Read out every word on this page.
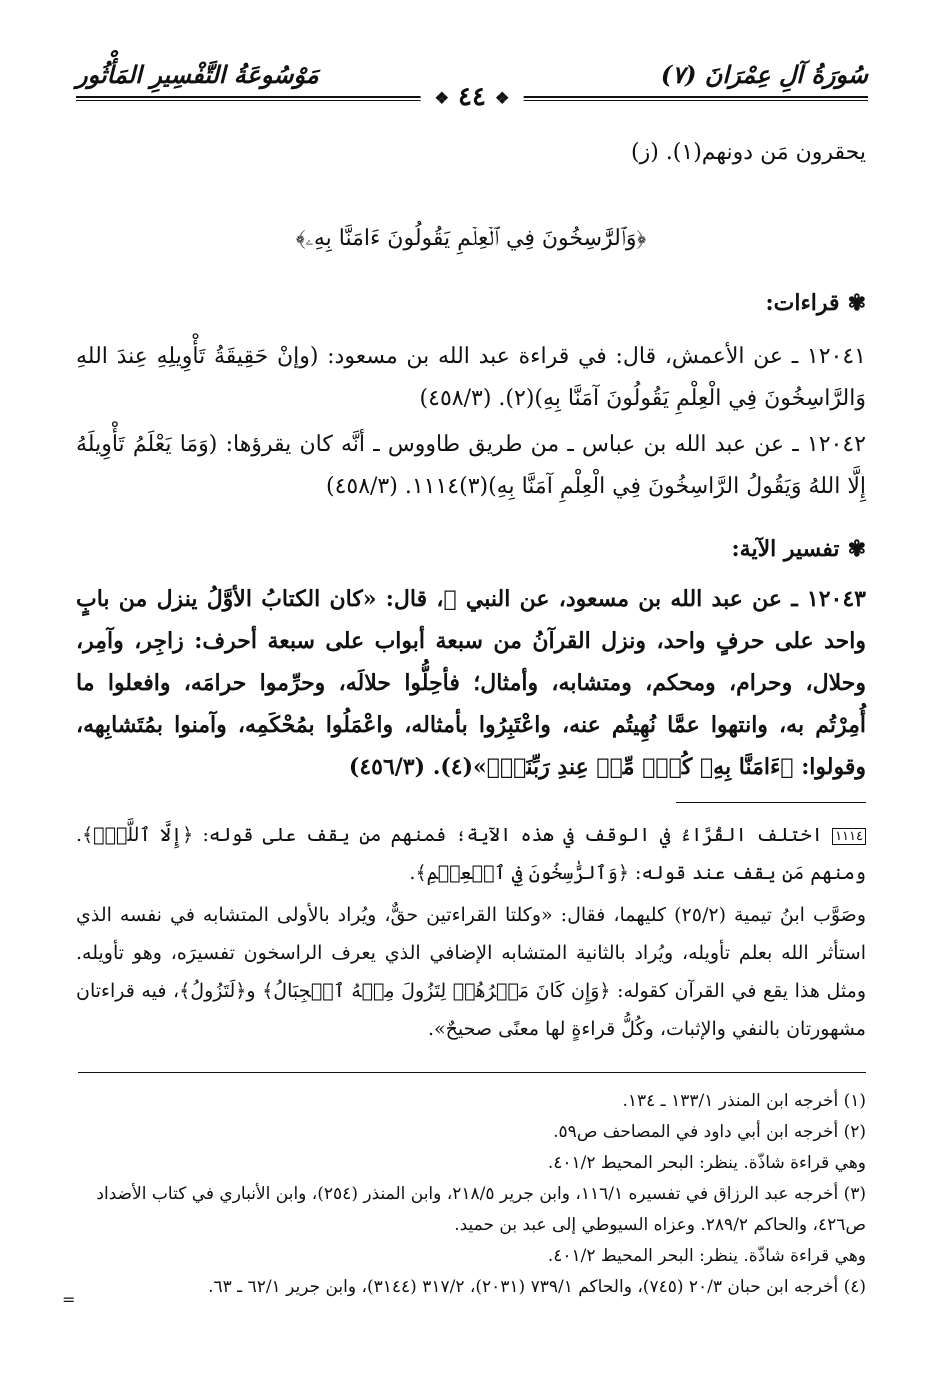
سُورَةُ آلِ عِمْرَانَ (٧)
مَوْسُوعَةُ التَّفْسِيرِ المَأْثُور
❖ ٤٤ ❖
يحقرون مَن دونهم(١). (ز)
﴿وَٱلرَّٰسِخُونَ فِي ٱلۡعِلۡمِ يَقُولُونَ ءَامَنَّا بِهِۦ﴾
✾قراءات:
١٢٠٤١ ـ عن الأعمش، قال: في قراءة عبد الله بن مسعود: (وإنْ حَقِيقَةُ تَأْوِيلِهِ عِندَ اللهِ وَالرَّاسِخُونَ فِي الْعِلْمِ يَقُولُونَ آمَنَّا بِهِ)(٢). (٤٥٨/٣)
١٢٠٤٢ ـ عن عبد الله بن عباس ـ من طريق طاووس ـ أنَّه كان يقرؤها: (وَمَا يَعْلَمُ تَأْوِيلَهُ إِلَّا اللهُ وَيَقُولُ الرَّاسِخُونَ فِي الْعِلْمِ آمَنَّا بِهِ)(٣)١١١٤. (٤٥٨/٣)
✾تفسير الآية:
١٢٠٤٣ ـ عن عبد الله بن مسعود، عن النبي ﷺ، قال: «كان الكتابُ الأوَّلُ ينزل من بابٍ واحد على حرفٍ واحد، ونزل القرآنُ من سبعة أبواب على سبعة أحرف: زاجِر، وآمِر، وحلال، وحرام، ومحكم، ومتشابه، وأمثال؛ فأحِلُّوا حلالَه، وحرِّموا حرامَه، وافعلوا ما أُمِرْتُم به، وانتهوا عمَّا نُهِيتُم عنه، واعْتَبِرُوا بأمثاله، واعْمَلُوا بمُحْكَمِه، وآمنوا بمُتَشابِهه، وقولوا: ﴿ءَامَنَّا بِهِۦ كُلّٞ مِّنۡ عِندِ رَبِّنَاۗ﴾»(٤). (٤٥٦/٣)
١١١٤ اختلف القُرَّاءُ في الوقف في هذه الآية؛ فمنهم من يقف على قوله: ﴿إِلَّا ٱللَّهُۗ﴾. ومنهم مَن يقف عند قوله: ﴿وَٱلرَّٰسِخُونَ فِي ٱلۡعِلۡمِ﴾.
وصَوَّب ابنُ تيمية (٢٥/٢) كليهما، فقال: «وكلتا القراءتين حقٌّ، ويُراد بالأولى المتشابه في نفسه الذي استأثر الله بعلم تأويله، ويُراد بالثانية المتشابه الإضافي الذي يعرف الراسخون تفسيرَه، وهو تأويله. ومثل هذا يقع في القرآن كقوله: ﴿وَإِن كَانَ مَكۡرُهُمۡ لِتَزُولَ مِنۡهُ ٱلۡجِبَالُ﴾ و﴿لَتَزُولُ﴾، فيه قراءتان مشهورتان بالنفي والإثبات، وكُلُّ قراءةٍ لها معنًى صحيحٌ».
(١) أخرجه ابن المنذر ١٣٣/١ ـ ١٣٤.
(٢) أخرجه ابن أبي داود في المصاحف ص٥٩.
وهي قراءة شاذّة. ينظر: البحر المحيط ٤٠١/٢.
(٣) أخرجه عبد الرزاق في تفسيره ١١٦/١، وابن جرير ٢١٨/٥، وابن المنذر (٢٥٤)، وابن الأنباري في كتاب الأضداد ص٤٢٦، والحاكم ٢٨٩/٢. وعزاه السيوطي إلى عبد بن حميد.
وهي قراءة شاذّة. ينظر: البحر المحيط ٤٠١/٢.
(٤) أخرجه ابن حبان ٢٠/٣ (٧٤٥)، والحاكم ٧٣٩/١ (٢٠٣١)، ٣١٧/٢ (٣١٤٤)، وابن جرير ٦٢/١ ـ ٦٣.
=
